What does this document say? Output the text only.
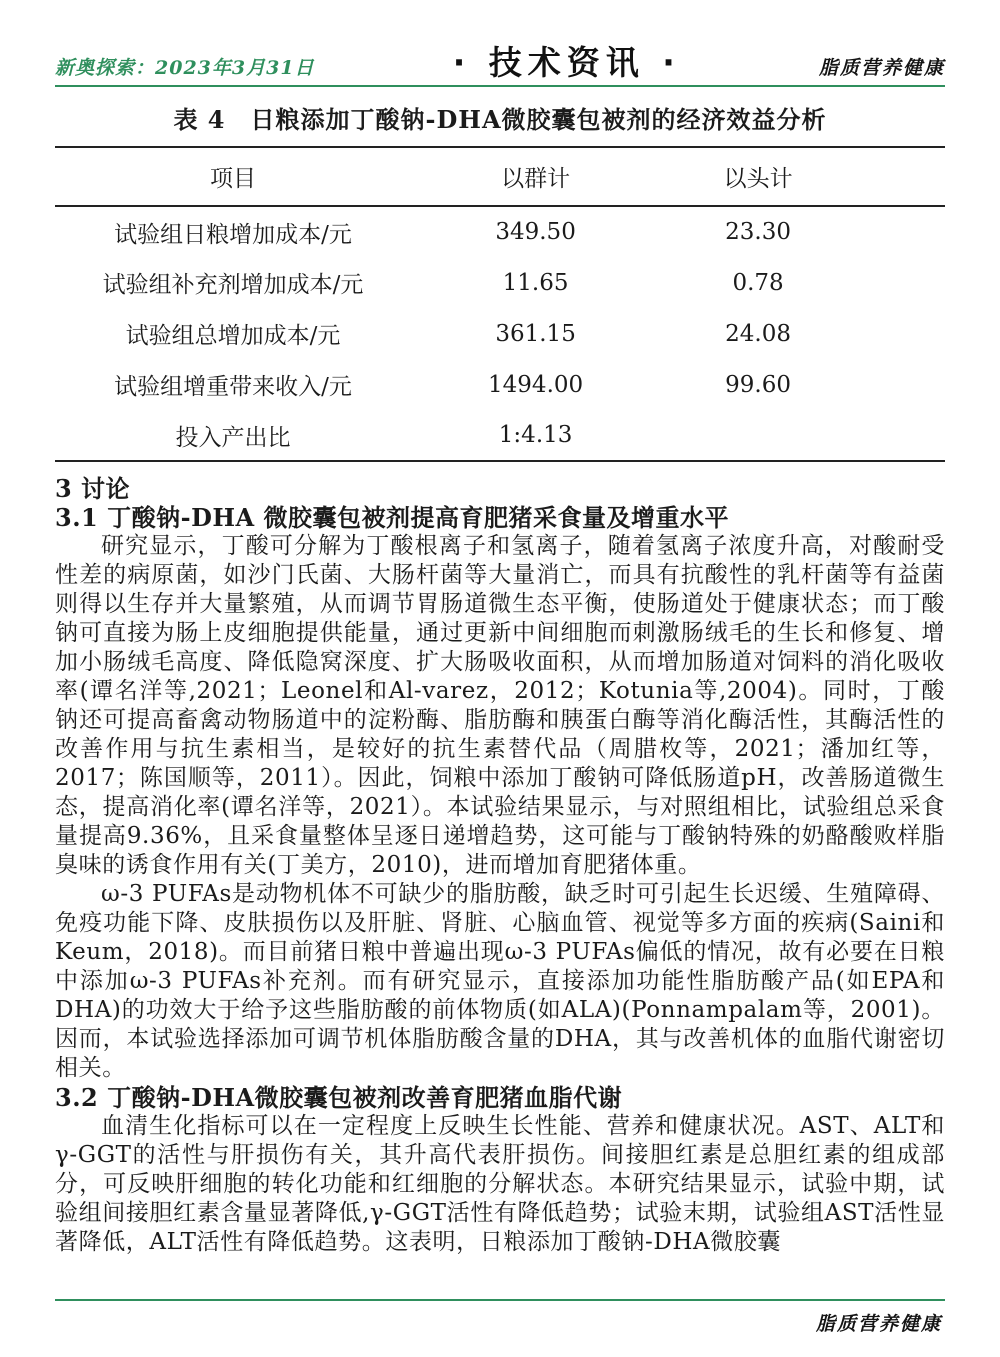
新奥探索：2023年3月31日	· 技术资讯 ·	脂质营养健康
表 4　日粮添加丁酸钠-DHA微胶囊包被剂的经济效益分析
项目	以群计	以头计	
试验组日粮增加成本/元	349.50	23.30	
试验组补充剂增加成本/元	11.65	0.78	
试验组总增加成本/元	361.15	24.08	
试验组增重带来收入/元	1494.00	99.60	
投入产出比	1:4.13		
3 讨论
3.1 丁酸钠-DHA 微胶囊包被剂提高育肥猪采食量及增重水平

研究显示，丁酸可分解为丁酸根离子和氢离子，随着氢离子浓度升高，对酸耐受性差的病原菌，如沙门氏菌、大肠杆菌等大量消亡，而具有抗酸性的乳杆菌等有益菌则得以生存并大量繁殖，从而调节胃肠道微生态平衡，使肠道处于健康状态；而丁酸钠可直接为肠上皮细胞提供能量，通过更新中间细胞而刺激肠绒毛的生长和修复、增加小肠绒毛高度、降低隐窝深度、扩大肠吸收面积，从而增加肠道对饲料的消化吸收率(谭名洋等,2021；Leonel和Al-varez，2012；Kotunia等,2004)。同时，丁酸钠还可提高畜禽动物肠道中的淀粉酶、脂肪酶和胰蛋白酶等消化酶活性，其酶活性的改善作用与抗生素相当，是较好的抗生素替代品（周腊枚等，2021；潘加红等，2017；陈国顺等，2011）。因此，饲粮中添加丁酸钠可降低肠道pH，改善肠道微生态，提高消化率(谭名洋等，2021）。本试验结果显示，与对照组相比，试验组总采食量提高9.36%，且采食量整体呈逐日递增趋势，这可能与丁酸钠特殊的奶酪酸败样脂臭味的诱食作用有关(丁美方，2010)，进而增加育肥猪体重。

ω-3 PUFAs是动物机体不可缺少的脂肪酸，缺乏时可引起生长迟缓、生殖障碍、免疫功能下降、皮肤损伤以及肝脏、肾脏、心脑血管、视觉等多方面的疾病(Saini和Keum，2018)。而目前猪日粮中普遍出现ω-3 PUFAs偏低的情况，故有必要在日粮中添加ω-3 PUFAs补充剂。而有研究显示，直接添加功能性脂肪酸产品(如EPA和DHA)的功效大于给予这些脂肪酸的前体物质(如ALA)(Ponnampalam等，2001)。因而，本试验选择添加可调节机体脂肪酸含量的DHA，其与改善机体的血脂代谢密切相关。

3.2 丁酸钠-DHA微胶囊包被剂改善育肥猪血脂代谢

血清生化指标可以在一定程度上反映生长性能、营养和健康状况。AST、ALT和γ-GGT的活性与肝损伤有关，其升高代表肝损伤。间接胆红素是总胆红素的组成部分，可反映肝细胞的转化功能和红细胞的分解状态。本研究结果显示，试验中期，试验组间接胆红素含量显著降低,γ-GGT活性有降低趋势；试验末期，试验组AST活性显著降低，ALT活性有降低趋势。这表明，日粮添加丁酸钠-DHA微胶囊

脂质营养健康
